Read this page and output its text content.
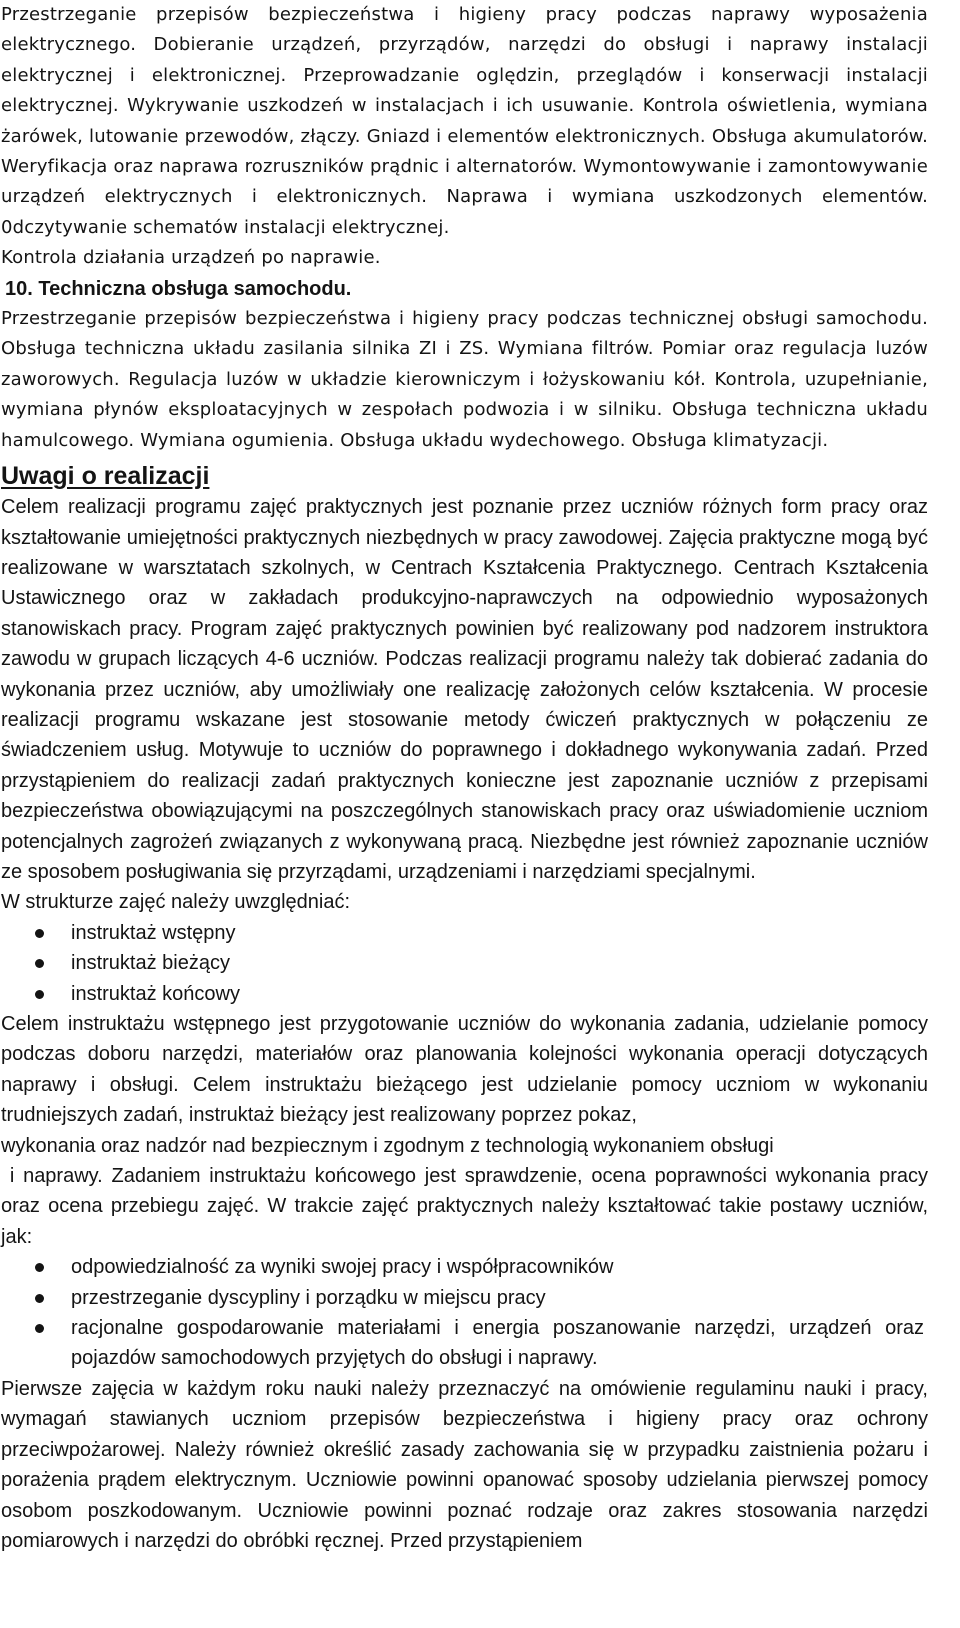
Przestrzeganie przepisów bezpieczeństwa i higieny pracy podczas naprawy wyposażenia elektrycznego. Dobieranie urządzeń, przyrządów, narzędzi do obsługi i naprawy instalacji elektrycznej i elektronicznej. Przeprowadzanie oględzin, przeglądów i konserwacji instalacji elektrycznej. Wykrywanie uszkodzeń w instalacjach i ich usuwanie. Kontrola oświetlenia, wymiana żarówek, lutowanie przewodów, złączy. Gniazd i elementów elektronicznych. Obsługa akumulatorów. Weryfikacja oraz naprawa rozruszników prądnic i alternatorów. Wymontowywanie i zamontowywanie urządzeń elektrycznych i elektronicznych. Naprawa i wymiana uszkodzonych elementów. 0dczytywanie schematów instalacji elektrycznej.

Kontrola działania urządzeń po naprawie.

10. Techniczna obsługa samochodu.

Przestrzeganie przepisów bezpieczeństwa i higieny pracy podczas technicznej obsługi samochodu. Obsługa techniczna układu zasilania silnika ZI i ZS. Wymiana filtrów. Pomiar oraz regulacja luzów zaworowych. Regulacja luzów w układzie kierowniczym i łożyskowaniu kół. Kontrola, uzupełnianie, wymiana płynów eksploatacyjnych w zespołach podwozia i w silniku. Obsługa techniczna układu hamulcowego. Wymiana ogumienia. Obsługa układu wydechowego. Obsługa klimatyzacji.

Uwagi o realizacji

Celem realizacji programu zajęć praktycznych jest poznanie przez uczniów różnych form pracy oraz kształtowanie umiejętności praktycznych niezbędnych w pracy zawodowej. Zajęcia praktyczne mogą być realizowane w warsztatach szkolnych, w Centrach Kształcenia Praktycznego. Centrach Kształcenia Ustawicznego oraz w zakładach produkcyjno-naprawczych na odpowiednio wyposażonych stanowiskach pracy. Program zajęć praktycznych powinien być realizowany pod nadzorem instruktora zawodu w grupach liczących 4-6 uczniów. Podczas realizacji programu należy tak dobierać zadania do wykonania przez uczniów, aby umożliwiały one realizację założonych celów kształcenia. W procesie realizacji programu wskazane jest stosowanie metody ćwiczeń praktycznych w połączeniu ze świadczeniem usług. Motywuje to uczniów do poprawnego i dokładnego wykonywania zadań. Przed przystąpieniem do realizacji zadań praktycznych konieczne jest zapoznanie uczniów z przepisami bezpieczeństwa obowiązującymi na poszczególnych stanowiskach pracy oraz uświadomienie uczniom potencjalnych zagrożeń związanych z wykonywaną pracą. Niezbędne jest również zapoznanie uczniów ze sposobem posługiwania się przyrządami, urządzeniami i narzędziami specjalnymi.

W strukturze zajęć należy uwzględniać:

instruktaż wstępny
instruktaż bieżący
instruktaż końcowy

Celem instruktażu wstępnego jest przygotowanie uczniów do wykonania zadania, udzielanie pomocy podczas doboru narzędzi, materiałów oraz planowania kolejności wykonania operacji dotyczących naprawy i obsługi. Celem instruktażu bieżącego jest udzielanie pomocy uczniom w wykonaniu trudniejszych zadań, instruktaż bieżący jest realizowany poprzez pokaz,

wykonania oraz nadzór nad bezpiecznym i zgodnym z technologią wykonaniem obsługi

i naprawy. Zadaniem instruktażu końcowego jest sprawdzenie, ocena poprawności wykonania pracy oraz ocena przebiegu zajęć. W trakcie zajęć praktycznych należy kształtować takie postawy uczniów, jak:

odpowiedzialność za wyniki swojej pracy i współpracowników
przestrzeganie dyscypliny i porządku w miejscu pracy
racjonalne gospodarowanie materiałami i energia poszanowanie narzędzi, urządzeń oraz pojazdów samochodowych przyjętych do obsługi i naprawy.

Pierwsze zajęcia w każdym roku nauki należy przeznaczyć na omówienie regulaminu nauki i pracy, wymagań stawianych uczniom przepisów bezpieczeństwa i higieny pracy oraz ochrony przeciwpożarowej. Należy również określić zasady zachowania się w przypadku zaistnienia pożaru i porażenia prądem elektrycznym. Uczniowie powinni opanować sposoby udzielania pierwszej pomocy osobom poszkodowanym. Uczniowie powinni poznać rodzaje oraz zakres stosowania narzędzi pomiarowych i narzędzi do obróbki ręcznej. Przed przystąpieniem
